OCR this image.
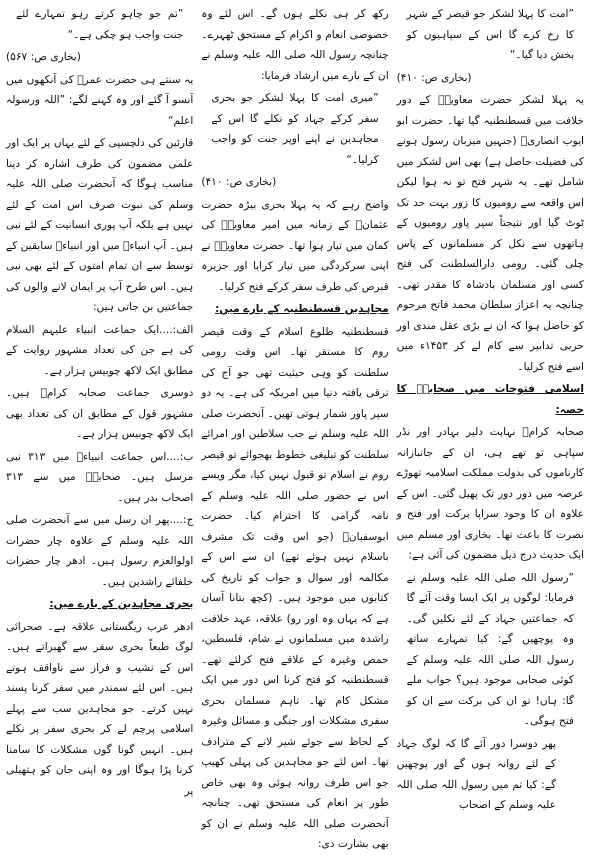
”تم جو چاہو کرتے رہو تمہارے لئے جنت واجب ہو چکی ہے۔“

(بخاری ص: ۵۶۷)

یہ سنتے ہی حضرت عمرؓ کی آنکھوں میں آنسو آ گئے اور وہ کہنے لگے: ”اللہ ورسولہ اعلم“

قارئین کی دلچسپی کے لئے یہاں پر ایک اور علمی مضمون کی طرف اشارہ کر دینا مناسب ہوگا کہ آنحضرت صلی اللہ علیہ وسلم کی نبوت صرف اس امت کے لئے نہیں ہے بلکہ آپ پوری انسانیت کے لئے نبی ہیں۔ آپ انبیاءؑ میں اور انبیاءؑ سابقین کے توسط سے ان تمام امتوں کے لئے بھی نبی ہیں۔ اس طرح آپ پر ایمان لانے والوں کی جماعتیں بن جاتی ہیں:

الف:....ایک جماعت انبیاء علیہم السلام کی ہے جن کی تعداد مشہور روایت کے مطابق ایک لاکھ چوبیس ہزار ہے۔

دوسری جماعت صحابہ کرامؓ ہیں۔ مشہور قول کے مطابق ان کی تعداد بھی ایک لاکھ چوبیس ہزار ہے۔

ب:....اس جماعت انبیاءؑ میں ۳۱۳ نبی مرسل ہیں۔ صحابہؓ میں سے ۳۱۳ اصحاب بدر ہیں۔

ج:....پھر ان رسل میں سے آنحضرت صلی اللہ علیہ وسلم کے علاوہ چار حضرات اولوالعزم رسول ہیں۔ ادھر چار حضرات خلفائے راشدین ہیں۔

بحری مجاہدین کے بارے میں:

ادھر عرب ریگستانی علاقہ ہے۔ صحرائی لوگ طبعاً بحری سفر سے گھبراتے ہیں۔ اس کے نشیب و فراز سے ناواقف ہوتے ہیں۔ اس لئے سمندر میں سفر کرنا پسند نہیں کرتے۔ جو مجاہدین سب سے پہلے اسلامی پرچم لے کر بحری سفر پر نکلے ہیں۔ انہیں گونا گوں مشکلات کا سامنا کرنا پڑا ہوگا اور وہ اپنی جان کو ہتھیلی پر

رکھ کر ہی نکلے ہوں گے۔ اس لئے وہ خصوصی انعام و اکرام کے مستحق ٹھہرے۔ چنانچہ رسول اللہ صلی اللہ علیہ وسلم نے ان کے بارے میں ارشاد فرمایا:

”میری امت کا پہلا لشکر جو بحری سفر کرکے جہاد کو نکلے گا اس کے مجاہدین نے اپنے اوپر جنت کو واجب کرلیا۔“

(بخاری ص: ۴۱۰)

واضح رہے کہ یہ پہلا بحری بیڑہ حضرت عثمانؓ کے زمانہ میں امیر معاویہؓ کی کمان میں تیار ہوا تھا۔ حضرت معاویہؓ نے اپنی سرکردگی میں تیار کرایا اور جزیرہ قبرص کی طرف سفر کرکے فتح کرلیا۔

مجاہدین قسطنطنیہ کے بارے میں:

قسطنطنیہ طلوع اسلام کے وقت قیصر روم کا مستقر تھا۔ اس وقت رومی سلطنت کو وہی حیثیت تھی جو آج کی ترقی یافتہ دنیا میں امریکہ کی ہے۔ یہ دو سپر پاور شمار ہوتی تھیں۔ آنحضرت صلی اللہ علیہ وسلم نے جب سلاطین اور امرائے سلطنت کو تبلیغی خطوط بھجوائے تو قیصر روم نے اسلام تو قبول نہیں کیا، مگر ویسے اس نے حضور صلی اللہ علیہ وسلم کے نامہ گرامی کا احترام کیا۔ حضرت ابوسفیانؓ (جو اس وقت تک مشرف باسلام نہیں ہوئے تھے) ان سے اس کے مکالمہ اور سوال و جواب کو تاریخ کی کتابوں میں موجود ہیں۔ (کچھ بتانا آسان ہے کہ یہاں وہ اور رو) علاقہ، عہد خلافت راشدہ میں مسلمانوں نے شام، فلسطین، حمص وغیرہ کے علاقے فتح کرلئے تھے۔ قسطنطنیہ کو فتح کرنا اس دور میں ایک مشکل کام تھا۔ تاہم مسلمان بحری سفری مشکلات اور جنگی و مسائل وغیرہ کے لحاظ سے جوئے شیر لانے کے مترادف تھا۔ اس لئے جو مجاہدین کی پہلی کھیپ جو اس طرف روانہ ہوئی وہ بھی خاص طور پر انعام کی مستحق تھی۔ چنانچہ آنحضرت صلی اللہ علیہ وسلم نے ان کو بھی بشارت دی:

”امت کا پہلا لشکر جو قیصر کے شہر کا رخ کرے گا اس کے سپاہیوں کو بخش دیا گیا۔“

(بخاری ص: ۴۱۰)

یہ پہلا لشکر حضرت معاویہؓ کے دور خلافت میں قسطنطنیہ گیا تھا۔ حضرت ابو ایوب انصاریؓ (جنہیں میزبان رسول ہونے کی فضیلت حاصل ہے) بھی اس لشکر میں شامل تھے۔ یہ شہر فتح تو نہ ہوا لیکن اس واقعہ سے رومیوں کا زور بہت حد تک ٹوٹ گیا اور نتیجتاً سپر پاور رومیوں کے ہاتھوں سے نکل کر مسلمانوں کے پاس چلی گئی۔ رومی دارالسلطنت کی فتح کسی اور مسلمان بادشاہ کا مقدر تھی۔ چنانچہ یہ اعزاز سلطان محمد فاتح مرحوم کو حاصل ہوا کہ ان نے بڑی عقل مندی اور حربی تدابیر سے کام لے کر ۱۴۵۳ء میں اسے فتح کرلیا۔

اسلامی فتوحات میں صحابہؓ کا حصہ:

صحابہ کرامؓ نہایت دلیر بہادر اور نڈر سپاہی تو تھے ہی، ان کے جانبازانہ کارناموں کی بدولت مملکت اسلامیہ تھوڑے عرصہ میں دور دور تک پھیل گئی۔ اس کے علاوہ ان کا وجود سراپا برکت اور فتح و نصرت کا باعث تھا۔ بخاری اور مسلم میں ایک حدیث درج ذیل مضمون کی آئی ہے:

”رسول اللہ صلی اللہ علیہ وسلم نے فرمایا: لوگوں پر ایک ایسا وقت آئے گا کہ جماعتیں جہاد کے لئے نکلیں گی۔ وہ پوچھیں گے: کیا تمہارے ساتھ رسول اللہ صلی اللہ علیہ وسلم کے کوئی صحابی موجود ہیں؟ جواب ملے گا: ہاں! تو ان کی برکت سے ان کو فتح ہوگی۔

پھر دوسرا دور آئے گا کہ لوگ جہاد کے لئے روانہ ہوں گے اور پوچھیں گے: کیا تم میں رسول اللہ صلی اللہ علیہ وسلم کے اصحاب
